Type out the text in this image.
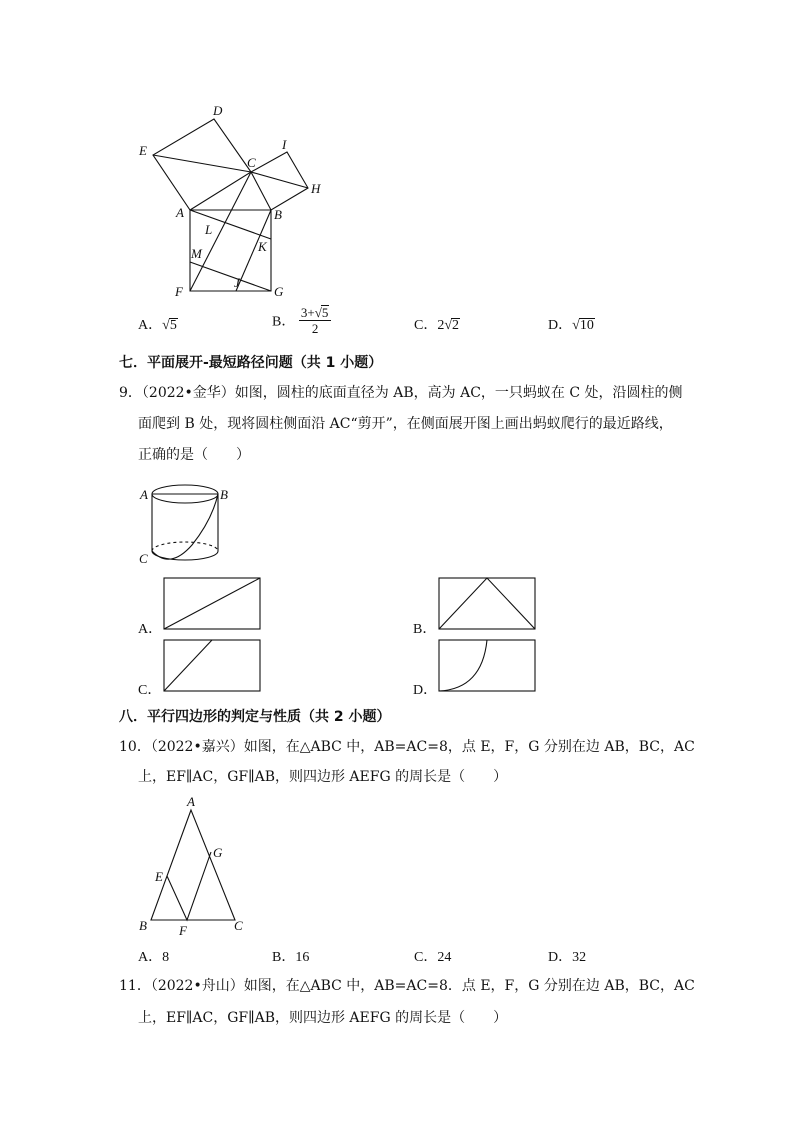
D
E
C
I
H
A	B
L
K
M
F
J
G
A．√5	B． $\frac{3+√5}{2}$	C．2√2	D．√10
七．平面展开-最短路径问题（共 1 小题）
9．（2022•金华）如图，圆柱的底面直径为 AB，高为 AC，一只蚂蚁在 C 处，沿圆柱的侧
面爬到 B 处，现将圆柱侧面沿 AC“剪开”，在侧面展开图上画出蚂蚁爬行的最近路线，
正确的是（　　）
A	B
C
A．	B．
C．	D．
八．平行四边形的判定与性质（共 2 小题）
10．（2022•嘉兴）如图，在△ABC 中，AB=AC=8，点 E，F，G 分别在边 AB，BC，AC
上，EF∥AC，GF∥AB，则四边形 AEFG 的周长是（　　）
A
G
E
B F	C
A．8	B．16	C．24	D．32
11．（2022•舟山）如图，在△ABC 中，AB=AC=8．点 E，F，G 分别在边 AB，BC，AC
上，EF∥AC，GF∥AB，则四边形 AEFG 的周长是（　　）
